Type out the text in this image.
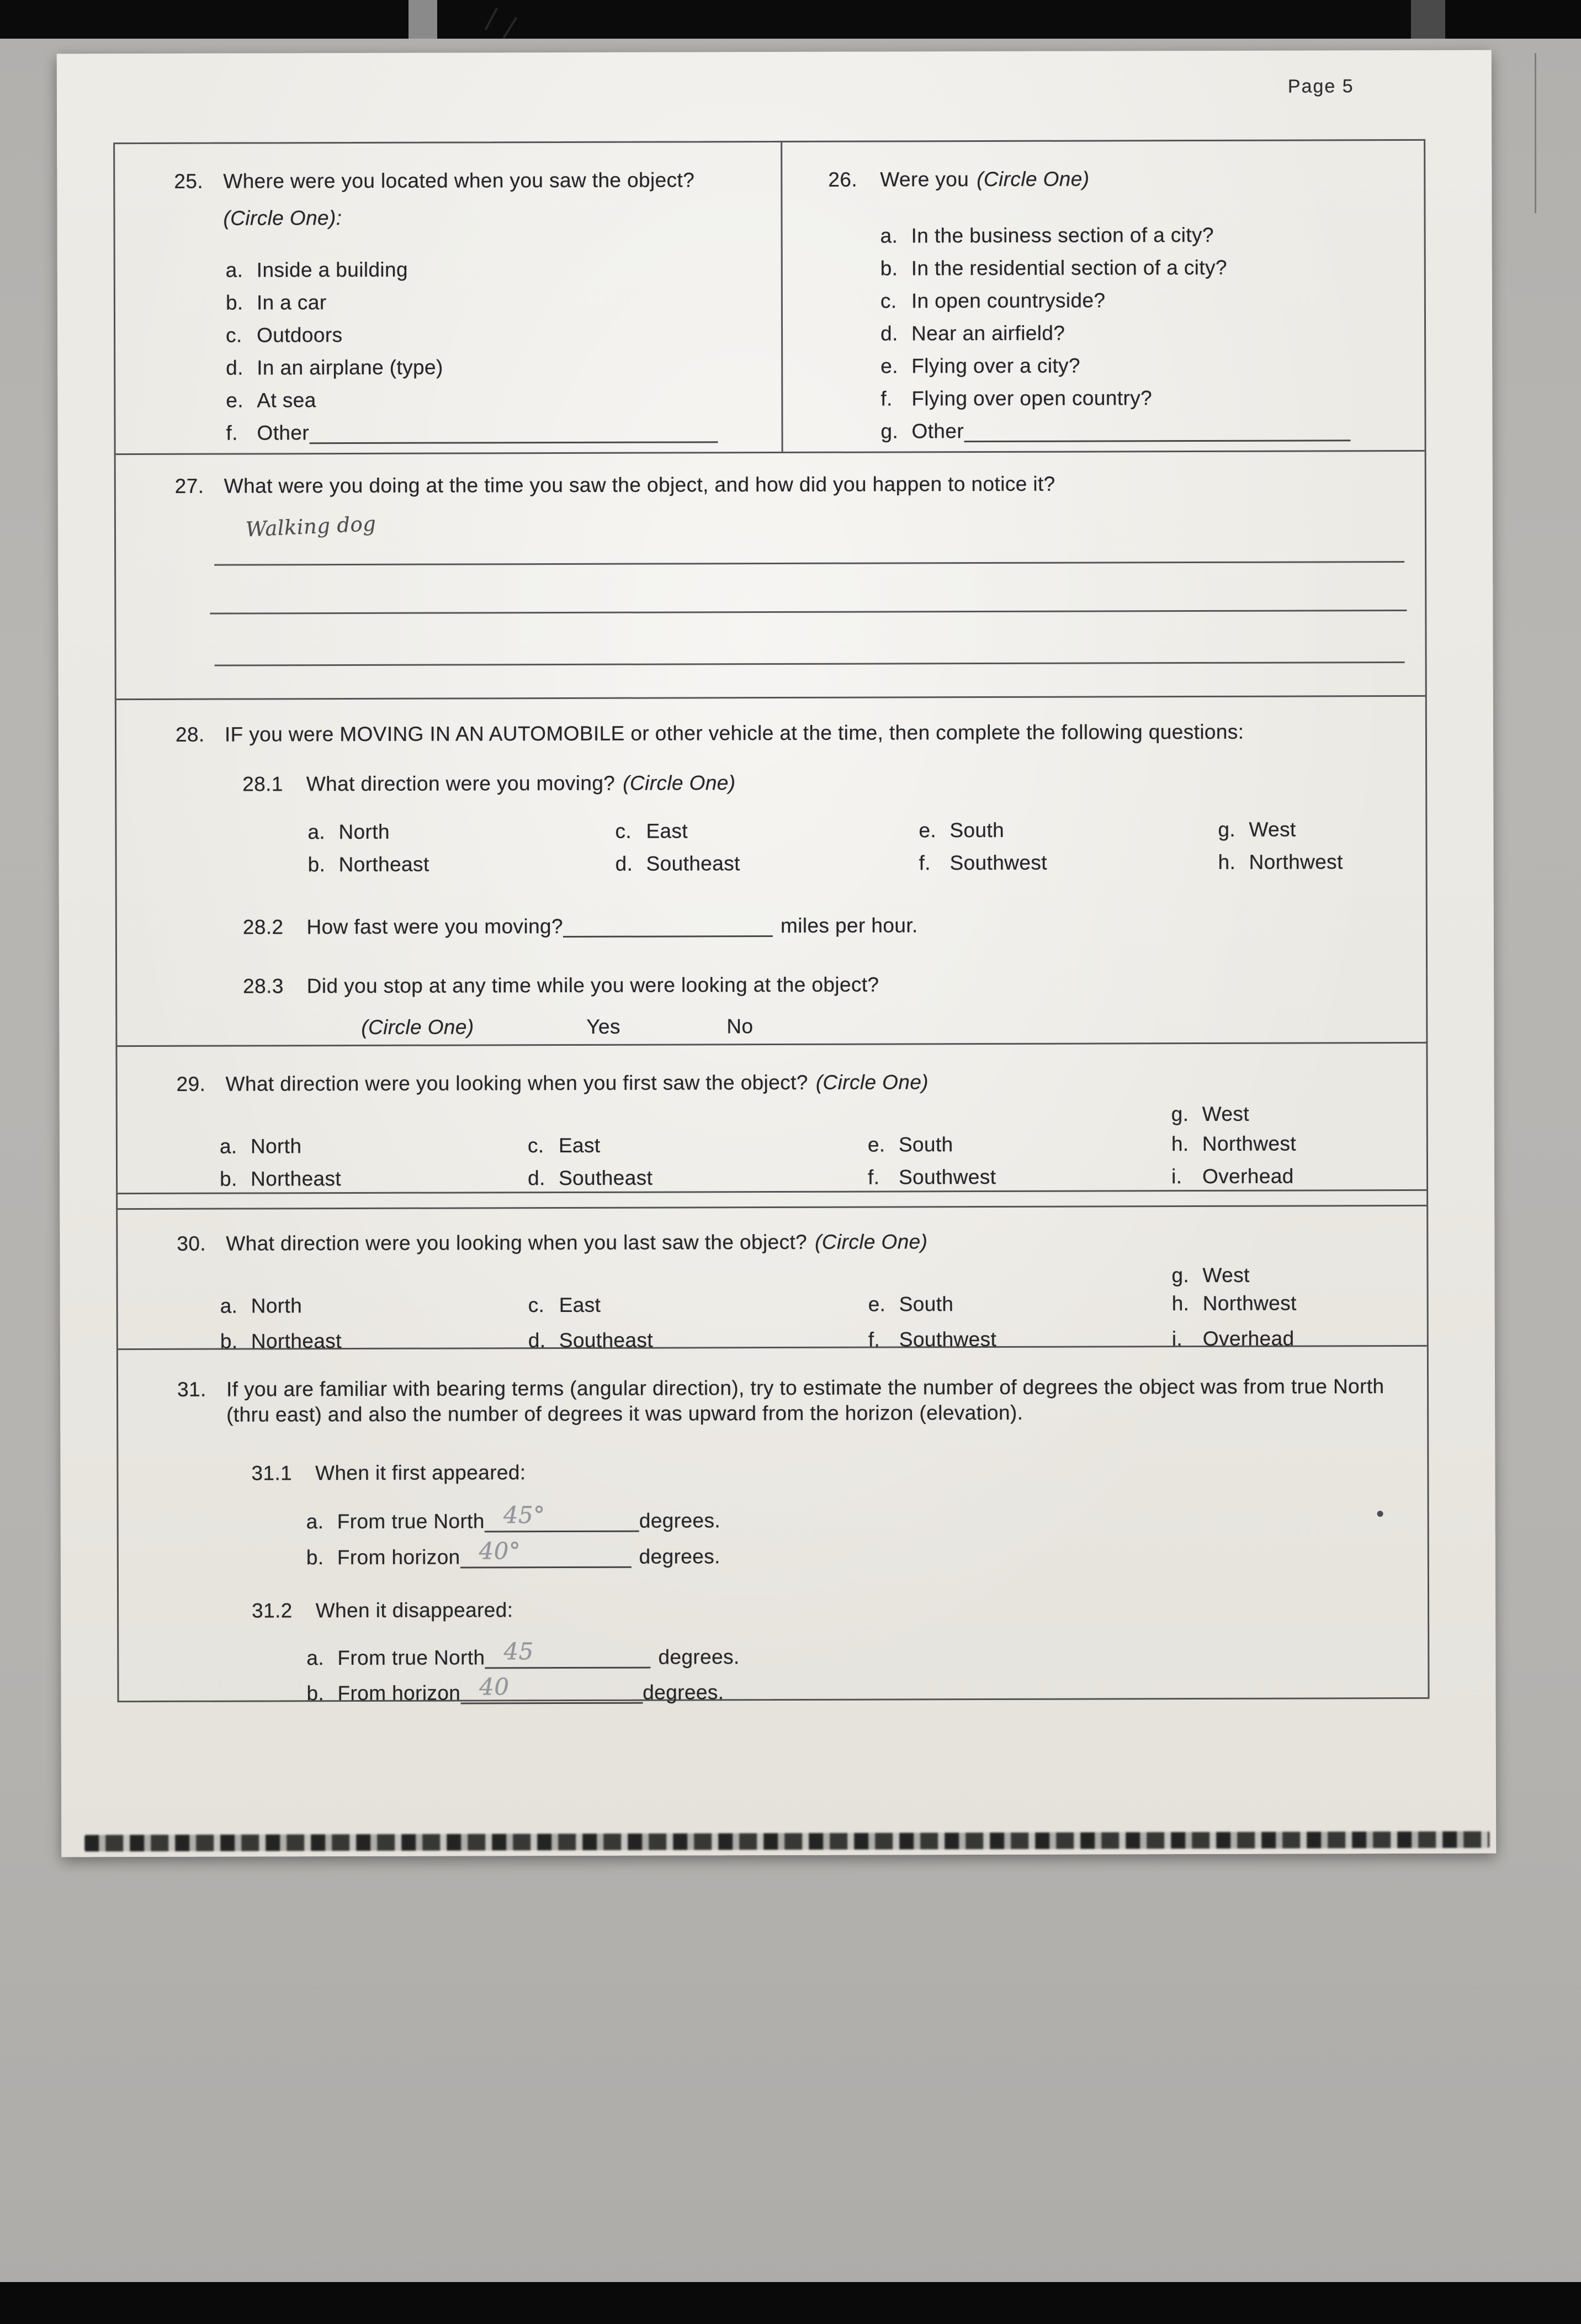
Page 5
25. Where were you located when you saw the object?
(Circle One):
a. Inside a building
b. In a car
c. Outdoors
d. In an airplane (type)
e. At sea
f. Other
26. Were you (Circle One)
a. In the business section of a city?
b. In the residential section of a city?
c. In open countryside?
d. Near an airfield?
e. Flying over a city?
f. Flying over open country?
g. Other
27. What were you doing at the time you saw the object, and how did you happen to notice it?
Walking dog
28. IF you were MOVING IN AN AUTOMOBILE or other vehicle at the time, then complete the following questions:
28.1 What direction were you moving? (Circle One)
a. North	c. East	e. South	g. West
b. Northeast	d. Southeast	f. Southwest	h. Northwest
28.2 How fast were you moving?	miles per hour.
28.3 Did you stop at any time while you were looking at the object?
(Circle One)	Yes	No
29. What direction were you looking when you first saw the object? (Circle One)
g. West
a. North	c. East	e. South	h. Northwest
b. Northeast	d. Southeast	f. Southwest	i. Overhead
30. What direction were you looking when you last saw the object? (Circle One)
g. West
a. North	c. East	e. South	h. Northwest
b. Northeast	d. Southeast	f. Southwest	i. Overhead
31. If you are familiar with bearing terms (angular direction), try to estimate the number of degrees the object was from true North (thru east) and also the number of degrees it was upward from the horizon (elevation).
31.1 When it first appeared:
a. From true North 45°	degrees.
b. From horizon 40°	degrees.
31.2 When it disappeared:
a. From true North 45	degrees.
b. From horizon 40	degrees.
